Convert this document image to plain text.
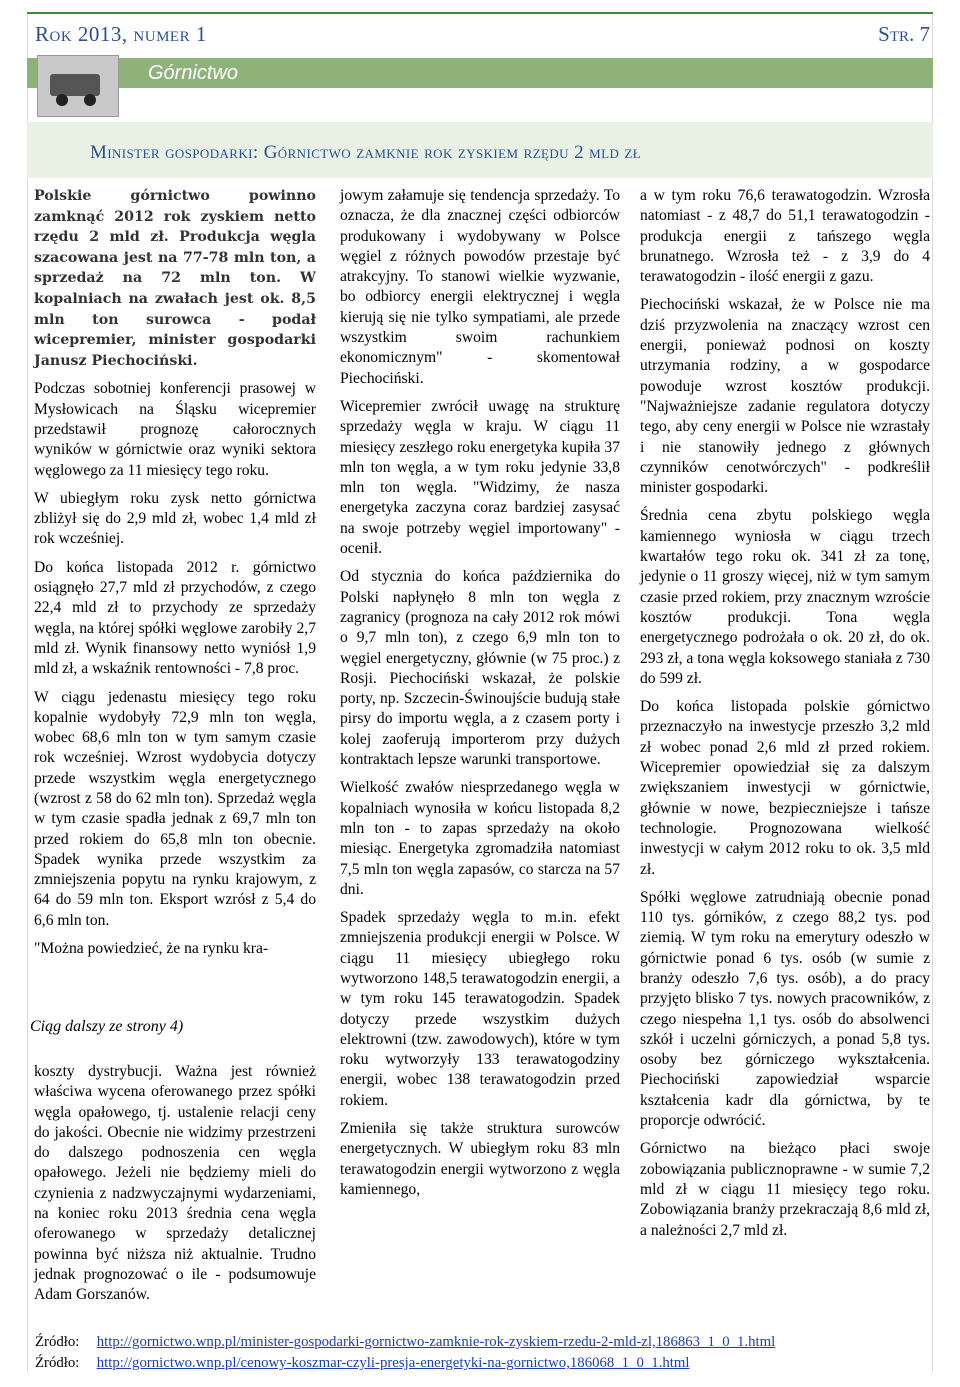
Rok 2013, numer 1	Str. 7
Górnictwo
Minister gospodarki: Górnictwo zamknie rok zyskiem rzędu 2 mld zł

Polskie górnictwo powinno zamknąć 2012 rok zyskiem netto rzędu 2 mld zł. Produkcja węgla szacowana jest na 77-78 mln ton, a sprzedaż na 72 mln ton. W kopalniach na zwałach jest ok. 8,5 mln ton surowca - podał wicepremier, minister gospodarki Janusz Piechociński.

Podczas sobotniej konferencji prasowej w Mysłowicach na Śląsku wicepremier przedstawił prognozę całorocznych wyników w górnictwie oraz wyniki sektora węglowego za 11 miesięcy tego roku.

W ubiegłym roku zysk netto górnictwa zbliżył się do 2,9 mld zł, wobec 1,4 mld zł rok wcześniej.

Do końca listopada 2012 r. górnictwo osiągnęło 27,7 mld zł przychodów, z czego 22,4 mld zł to przychody ze sprzedaży węgla, na której spółki węglowe zarobiły 2,7 mld zł. Wynik finansowy netto wyniósł 1,9 mld zł, a wskaźnik rentowności - 7,8 proc.

W ciągu jedenastu miesięcy tego roku kopalnie wydobyły 72,9 mln ton węgla, wobec 68,6 mln ton w tym samym czasie rok wcześniej. Wzrost wydobycia dotyczy przede wszystkim węgla energetycznego (wzrost z 58 do 62 mln ton). Sprzedaż węgla w tym czasie spadła jednak z 69,7 mln ton przed rokiem do 65,8 mln ton obecnie. Spadek wynika przede wszystkim za zmniejszenia popytu na rynku krajowym, z 64 do 59 mln ton. Eksport wzrósł z 5,4 do 6,6 mln ton.

"Można powiedzieć, że na rynku kra-

Ciąg dalszy ze strony 4)

koszty dystrybucji. Ważna jest również właściwa wycena oferowanego przez spółki węgla opałowego, tj. ustalenie relacji ceny do jakości. Obecnie nie widzimy przestrzeni do dalszego podnoszenia cen węgla opałowego. Jeżeli nie będziemy mieli do czynienia z nadzwyczajnymi wydarzeniami, na koniec roku 2013 średnia cena węgla oferowanego w sprzedaży detalicznej powinna być niższa niż aktualnie. Trudno jednak prognozować o ile - podsumowuje Adam Gorszanów.

jowym załamuje się tendencja sprzedaży. To oznacza, że dla znacznej części odbiorców produkowany i wydobywany w Polsce węgiel z różnych powodów przestaje być atrakcyjny. To stanowi wielkie wyzwanie, bo odbiorcy energii elektrycznej i węgla kierują się nie tylko sympatiami, ale przede wszystkim swoim rachunkiem ekonomicznym" - skomentował Piechociński.

Wicepremier zwrócił uwagę na strukturę sprzedaży węgla w kraju. W ciągu 11 miesięcy zeszłego roku energetyka kupiła 37 mln ton węgla, a w tym roku jedynie 33,8 mln ton węgla. "Widzimy, że nasza energetyka zaczyna coraz bardziej zasysać na swoje potrzeby węgiel importowany" - ocenił.

Od stycznia do końca października do Polski napłynęło 8 mln ton węgla z zagranicy (prognoza na cały 2012 rok mówi o 9,7 mln ton), z czego 6,9 mln ton to węgiel energetyczny, głównie (w 75 proc.) z Rosji. Piechociński wskazał, że polskie porty, np. Szczecin-Świnoujście budują stałe pirsy do importu węgla, a z czasem porty i kolej zaoferują importerom przy dużych kontraktach lepsze warunki transportowe.

Wielkość zwałów niesprzedanego węgla w kopalniach wynosiła w końcu listopada 8,2 mln ton - to zapas sprzedaży na około miesiąc. Energetyka zgromadziła natomiast 7,5 mln ton węgla zapasów, co starcza na 57 dni.

Spadek sprzedaży węgla to m.in. efekt zmniejszenia produkcji energii w Polsce. W ciągu 11 miesięcy ubiegłego roku wytworzono 148,5 terawatogodzin energii, a w tym roku 145 terawatogodzin. Spadek dotyczy przede wszystkim dużych elektrowni (tzw. zawodowych), które w tym roku wytworzyły 133 terawatogodziny energii, wobec 138 terawatogodzin przed rokiem.

Zmieniła się także struktura surowców energetycznych. W ubiegłym roku 83 mln terawatogodzin energii wytworzono z węgla kamiennego,

a w tym roku 76,6 terawatogodzin. Wzrosła natomiast - z 48,7 do 51,1 terawatogodzin - produkcja energii z tańszego węgla brunatnego. Wzrosła też - z 3,9 do 4 terawatogodzin - ilość energii z gazu.

Piechociński wskazał, że w Polsce nie ma dziś przyzwolenia na znaczący wzrost cen energii, ponieważ podnosi on koszty utrzymania rodziny, a w gospodarce powoduje wzrost kosztów produkcji. "Najważniejsze zadanie regulatora dotyczy tego, aby ceny energii w Polsce nie wzrastały i nie stanowiły jednego z głównych czynników cenotwórczych" - podkreślił minister gospodarki.

Średnia cena zbytu polskiego węgla kamiennego wyniosła w ciągu trzech kwartałów tego roku ok. 341 zł za tonę, jedynie o 11 groszy więcej, niż w tym samym czasie przed rokiem, przy znacznym wzroście kosztów produkcji. Tona węgla energetycznego podrożała o ok. 20 zł, do ok. 293 zł, a tona węgla koksowego staniała z 730 do 599 zł.

Do końca listopada polskie górnictwo przeznaczyło na inwestycje przeszło 3,2 mld zł wobec ponad 2,6 mld zł przed rokiem. Wicepremier opowiedział się za dalszym zwiększaniem inwestycji w górnictwie, głównie w nowe, bezpieczniejsze i tańsze technologie. Prognozowana wielkość inwestycji w całym 2012 roku to ok. 3,5 mld zł.

Spółki węglowe zatrudniają obecnie ponad 110 tys. górników, z czego 88,2 tys. pod ziemią. W tym roku na emerytury odeszło w górnictwie ponad 6 tys. osób (w sumie z branży odeszło 7,6 tys. osób), a do pracy przyjęto blisko 7 tys. nowych pracowników, z czego niespełna 1,1 tys. osób do absolwenci szkół i uczelni górniczych, a ponad 5,8 tys. osoby bez górniczego wykształcenia. Piechociński zapowiedział wsparcie kształcenia kadr dla górnictwa, by te proporcje odwrócić.

Górnictwo na bieżąco płaci swoje zobowiązania publicznoprawne - w sumie 7,2 mld zł w ciągu 11 miesięcy tego roku. Zobowiązania branży przekraczają 8,6 mld zł, a należności 2,7 mld zł.

Źródło: http://gornictwo.wnp.pl/minister-gospodarki-gornictwo-zamknie-rok-zyskiem-rzedu-2-mld-zl,186863_1_0_1.html
Źródło: http://gornictwo.wnp.pl/cenowy-koszmar-czyli-presja-energetyki-na-gornictwo,186068_1_0_1.html
